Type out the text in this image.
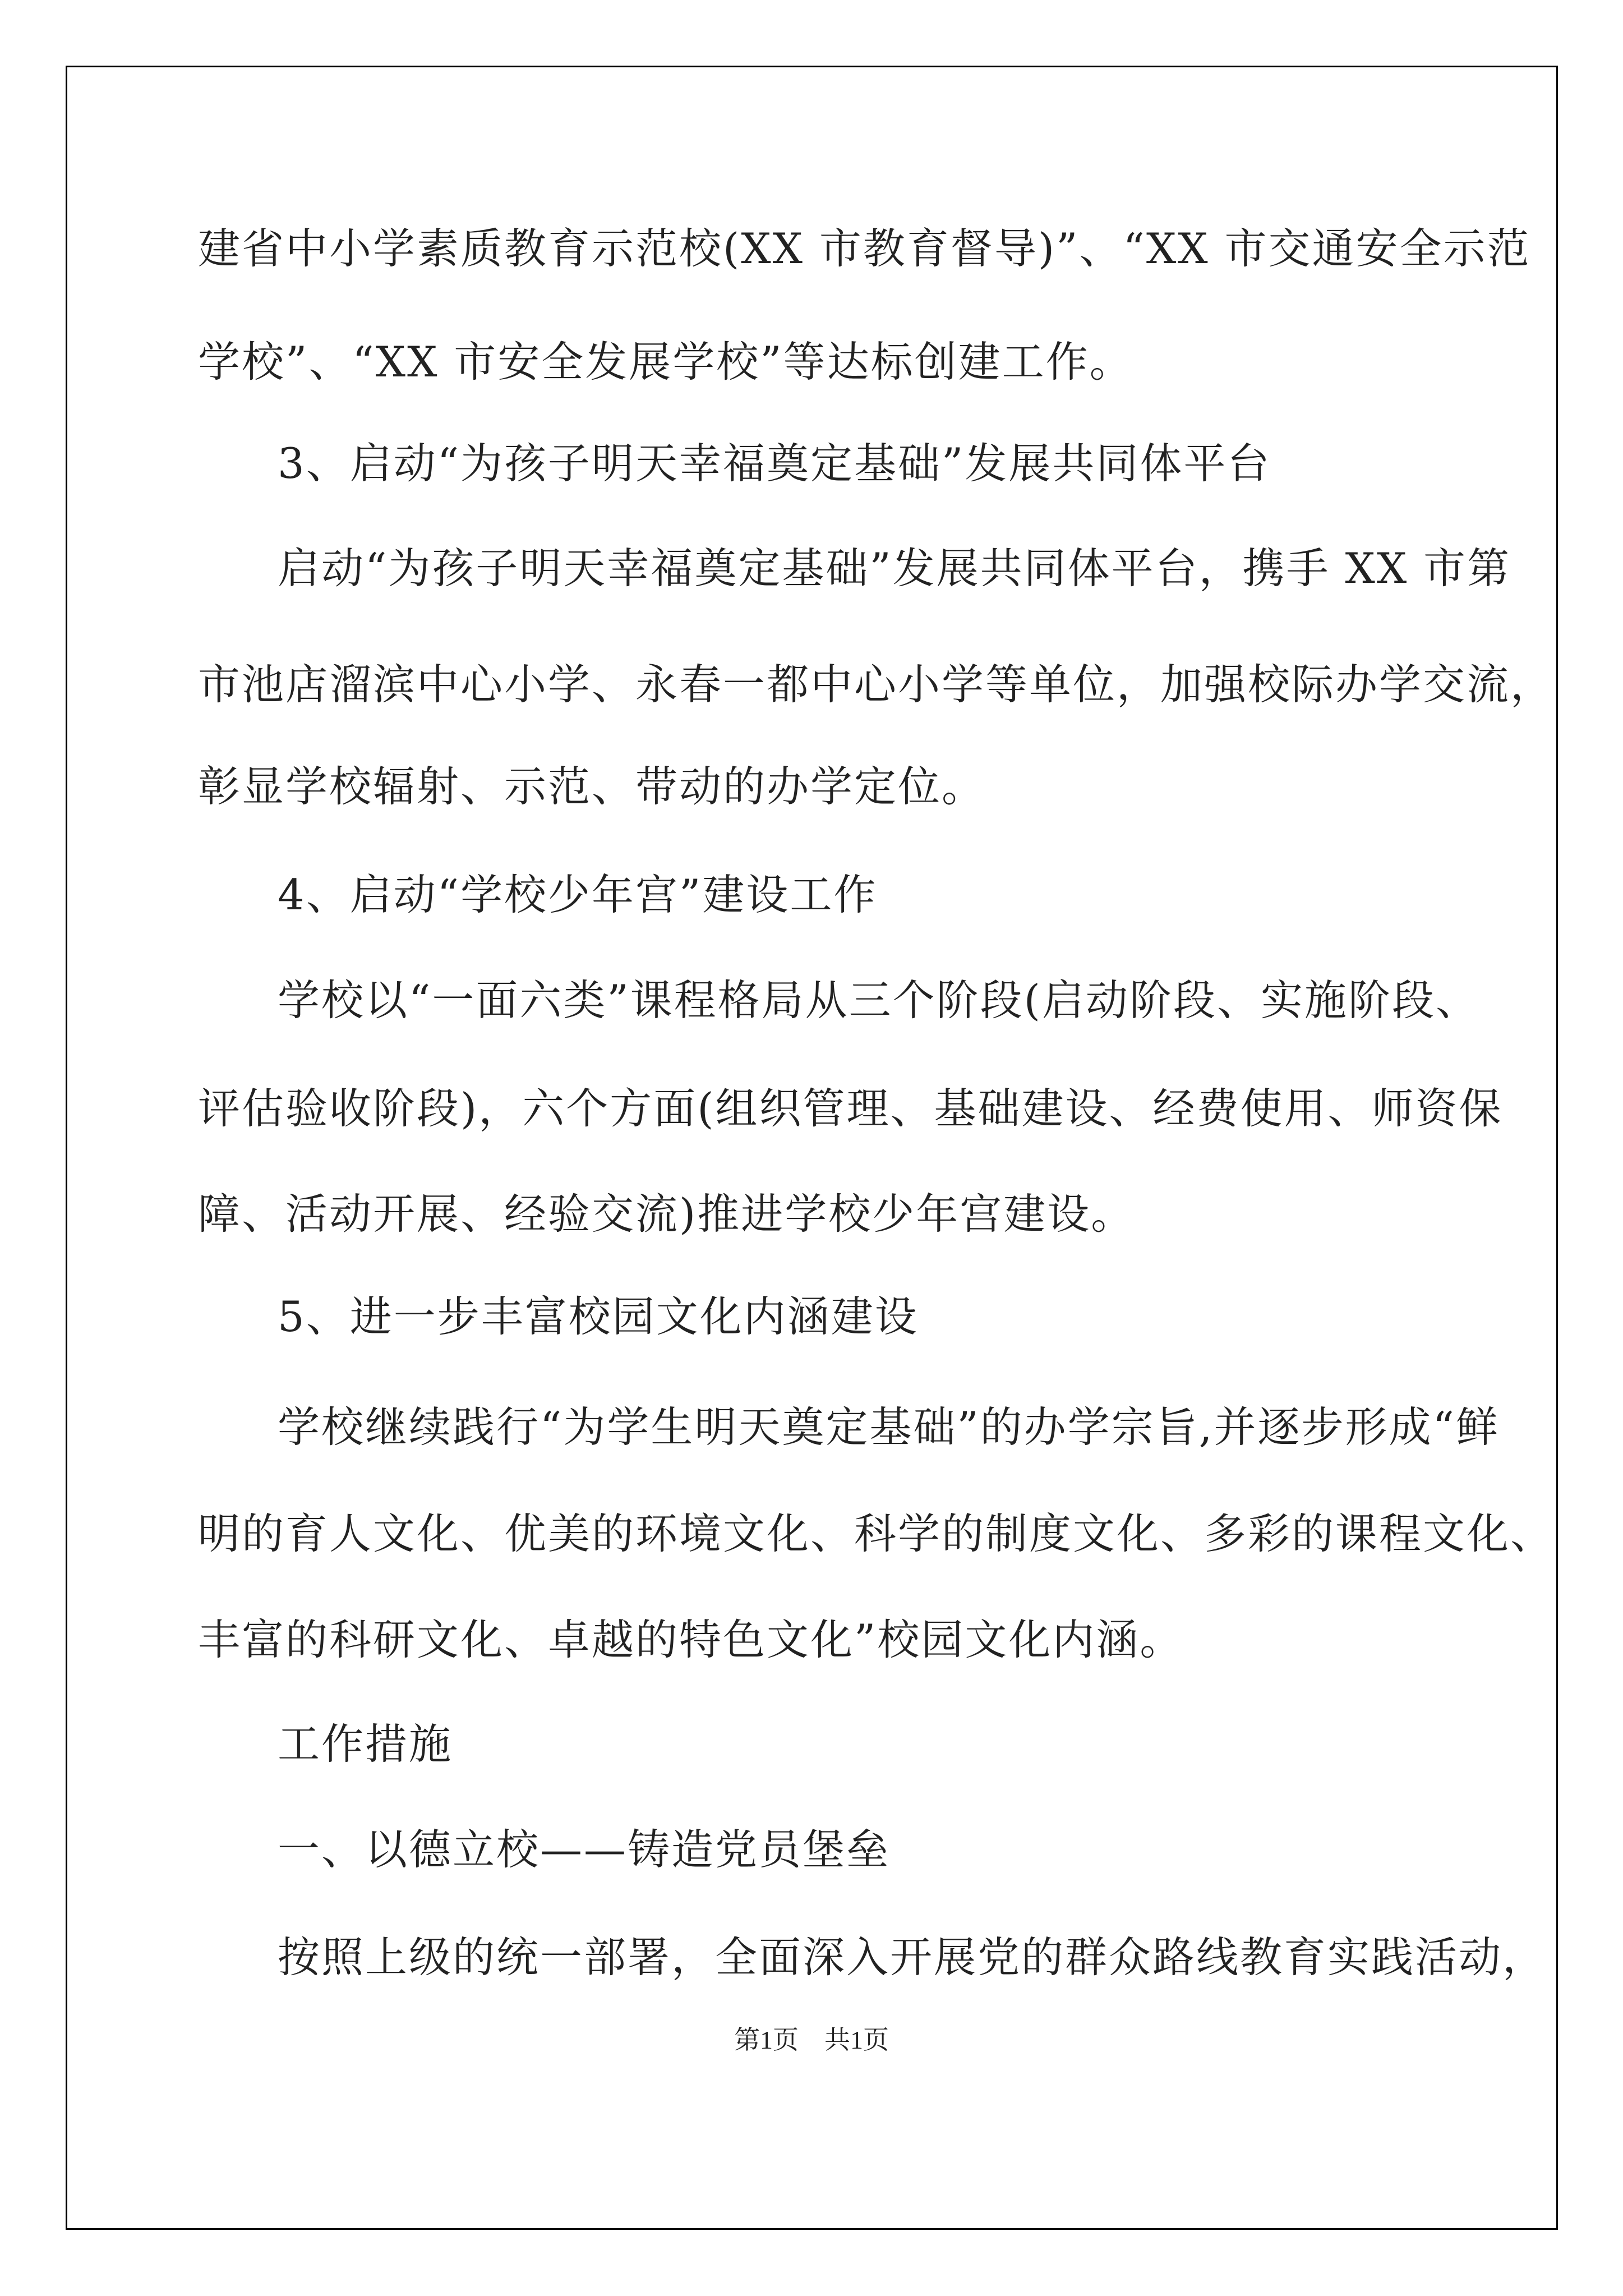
建省中小学素质教育示范校(XX 市教育督导)”、“XX 市交通安全示范

学校”、“XX 市安全发展学校”等达标创建工作。

3、启动“为孩子明天幸福奠定基础”发展共同体平台

启动“为孩子明天幸福奠定基础”发展共同体平台，携手 XX 市第

市池店溜滨中心小学、永春一都中心小学等单位，加强校际办学交流，

彰显学校辐射、示范、带动的办学定位。

4、启动“学校少年宫”建设工作

学校以“一面六类”课程格局从三个阶段(启动阶段、实施阶段、

评估验收阶段)，六个方面(组织管理、基础建设、经费使用、师资保

障、活动开展、经验交流)推进学校少年宫建设。

5、进一步丰富校园文化内涵建设

学校继续践行“为学生明天奠定基础”的办学宗旨,并逐步形成“鲜

明的育人文化、优美的环境文化、科学的制度文化、多彩的课程文化、

丰富的科研文化、卓越的特色文化”校园文化内涵。

工作措施

一、以德立校——铸造党员堡垒

按照上级的统一部署，全面深入开展党的群众路线教育实践活动，

第1页　共1页
